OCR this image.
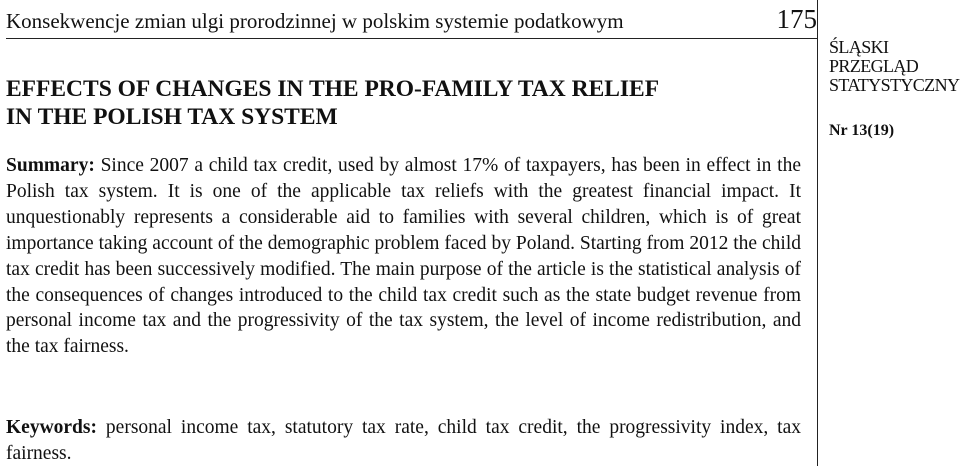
Konsekwencje zmian ulgi prorodzinnej w polskim systemie podatkowym	175
ŚLĄSKI
PRZEGLĄD
STATYSTYCZNY
Nr 13(19)
EFFECTS OF CHANGES IN THE PRO-FAMILY TAX RELIEF
IN THE POLISH TAX SYSTEM

Summary: Since 2007 a child tax credit, used by almost 17% of taxpayers, has been in effect in the Polish tax system. It is one of the applicable tax reliefs with the greatest financial impact. It unquestionably represents a considerable aid to families with several children, which is of great importance taking account of the demographic problem faced by Poland. Starting from 2012 the child tax credit has been successively modified. The main purpose of the article is the statistical analysis of the consequences of changes introduced to the child tax credit such as the state budget revenue from personal income tax and the progressivity of the tax system, the level of income redistribution, and the tax fairness.

Keywords: personal income tax, statutory tax rate, child tax credit, the progressivity index, tax fairness.
